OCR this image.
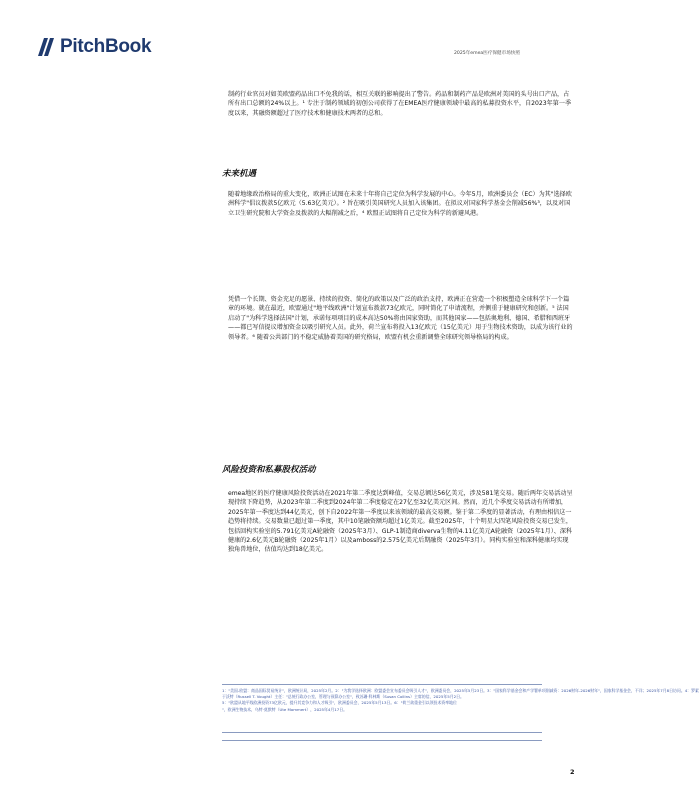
PitchBook	2025年emea医疗保健市场快照

制药行业官员对如美欧盟药品出口不免我的话，相互关联的影响提出了警告。药品和制药产品是欧洲对美国的头号出口产品，占所有出口总额的24%以上。¹ 专注于制药领域的初创公司获得了在EMEA医疗健康领域中最高的私募投资水平，自2023年第一季度以来，其融资额超过了医疗技术和健康技术两者的总和。

未来机遇

随着地缘政治格局的重大变化，欧洲正试图在未来十年将自己定位为科学发展的中心。今年5月，欧洲委员会（EC）为其"选择欧洲科学"倡议拨款5亿欧元（5.63亿美元）。² 旨在吸引美国研究人员加入该集团。在拟议对国家科学基金会削减56%³，以及对国立卫生研究院和大学资金及拨款的大幅削减之后，⁴ 欧盟正试图将自己定位为科学的新避风港。

凭借一个长期、资金充足的愿景、持续的投资、简化的政策以及广泛的政治支持，欧洲正在营造一个积极塑造全球科学下一个篇章的环境。就在最近，欧盟通过"地平线欧洲"计划宣布拨款73亿欧元，同时简化了申请流程，并侧重于健康研究和创新。⁵ 法国启动了"为科学选择法国"计划，承诺每项项目的成本高达50%将由国家资助，而其他国家——包括奥地利、德国、希腊和西班牙——都已写信提议增加资金以吸引研究人员。此外，荷兰宣布将投入13亿欧元（15亿美元）用于生物技术资助，以成为该行业的领导者。⁶ 随着公共部门的不稳定威胁着美国的研究格局，欧盟有机会重新调整全球研究领导格局的构成。

风险投资和私募股权活动

emea地区的医疗健康风险投资活动在2021年第二季度达到峰值，交易总额达56亿美元，涉及581笔交易。随后两年交易活动呈现持续下降趋势，从2023年第二季度到2024年第二季度稳定在27亿至32亿美元区间。然而，近几个季度交易活动有所增加，2025年第一季度达到44亿美元，创下自2022年第一季度以来该领域的最高交易额。鉴于第二季度的显著活动，有理由相信这一趋势将持续。交易数量已超过第一季度，其中10笔融资额均超过1亿美元。截至2025年，十个明星大四笔风险投资交易已发生，包括回构实验室的5.791亿美元A轮融资（2025年3月）、GLP-1制造商diverva生物的4.11亿美元A轮融资（2025年1月）、深科健康的2.6亿美元B轮融资（2025年1月）以及amboss的2.575亿美元后期融资（2025年3月）。同构实验室和深科健康均实现独角兽地位，估值均达到18亿美元。

1："美国-欧盟：商品国际贸易统计"，欧洲统计局，2025年2月。2："为我学选择欧洲：欧盟委会宣布委员会吸引人才"，欧洲委员会，2025年5月23日。3："国家科学基金会和产学署单项削减资：2026财年-2026财年"，国家科学基金会，不详；2025年7月8日访问。4：罗素
于沃特（Russell T. Vought）主任："总统行政办公室，管理与预算办公室"，致苏珊·科林斯（Susan Collins）主席的信，2025年5月2日。
5："欧盟从地平线欧洲投资73亿欧元，提升其竞争力和人才吸引"，欧洲委员会，2025年5月13日。6："荷兰欲重金引以领投术资率地位
"，欧洲生物技术，乌特·莫默特（Ute Mommert），2025年4月17日。
2
